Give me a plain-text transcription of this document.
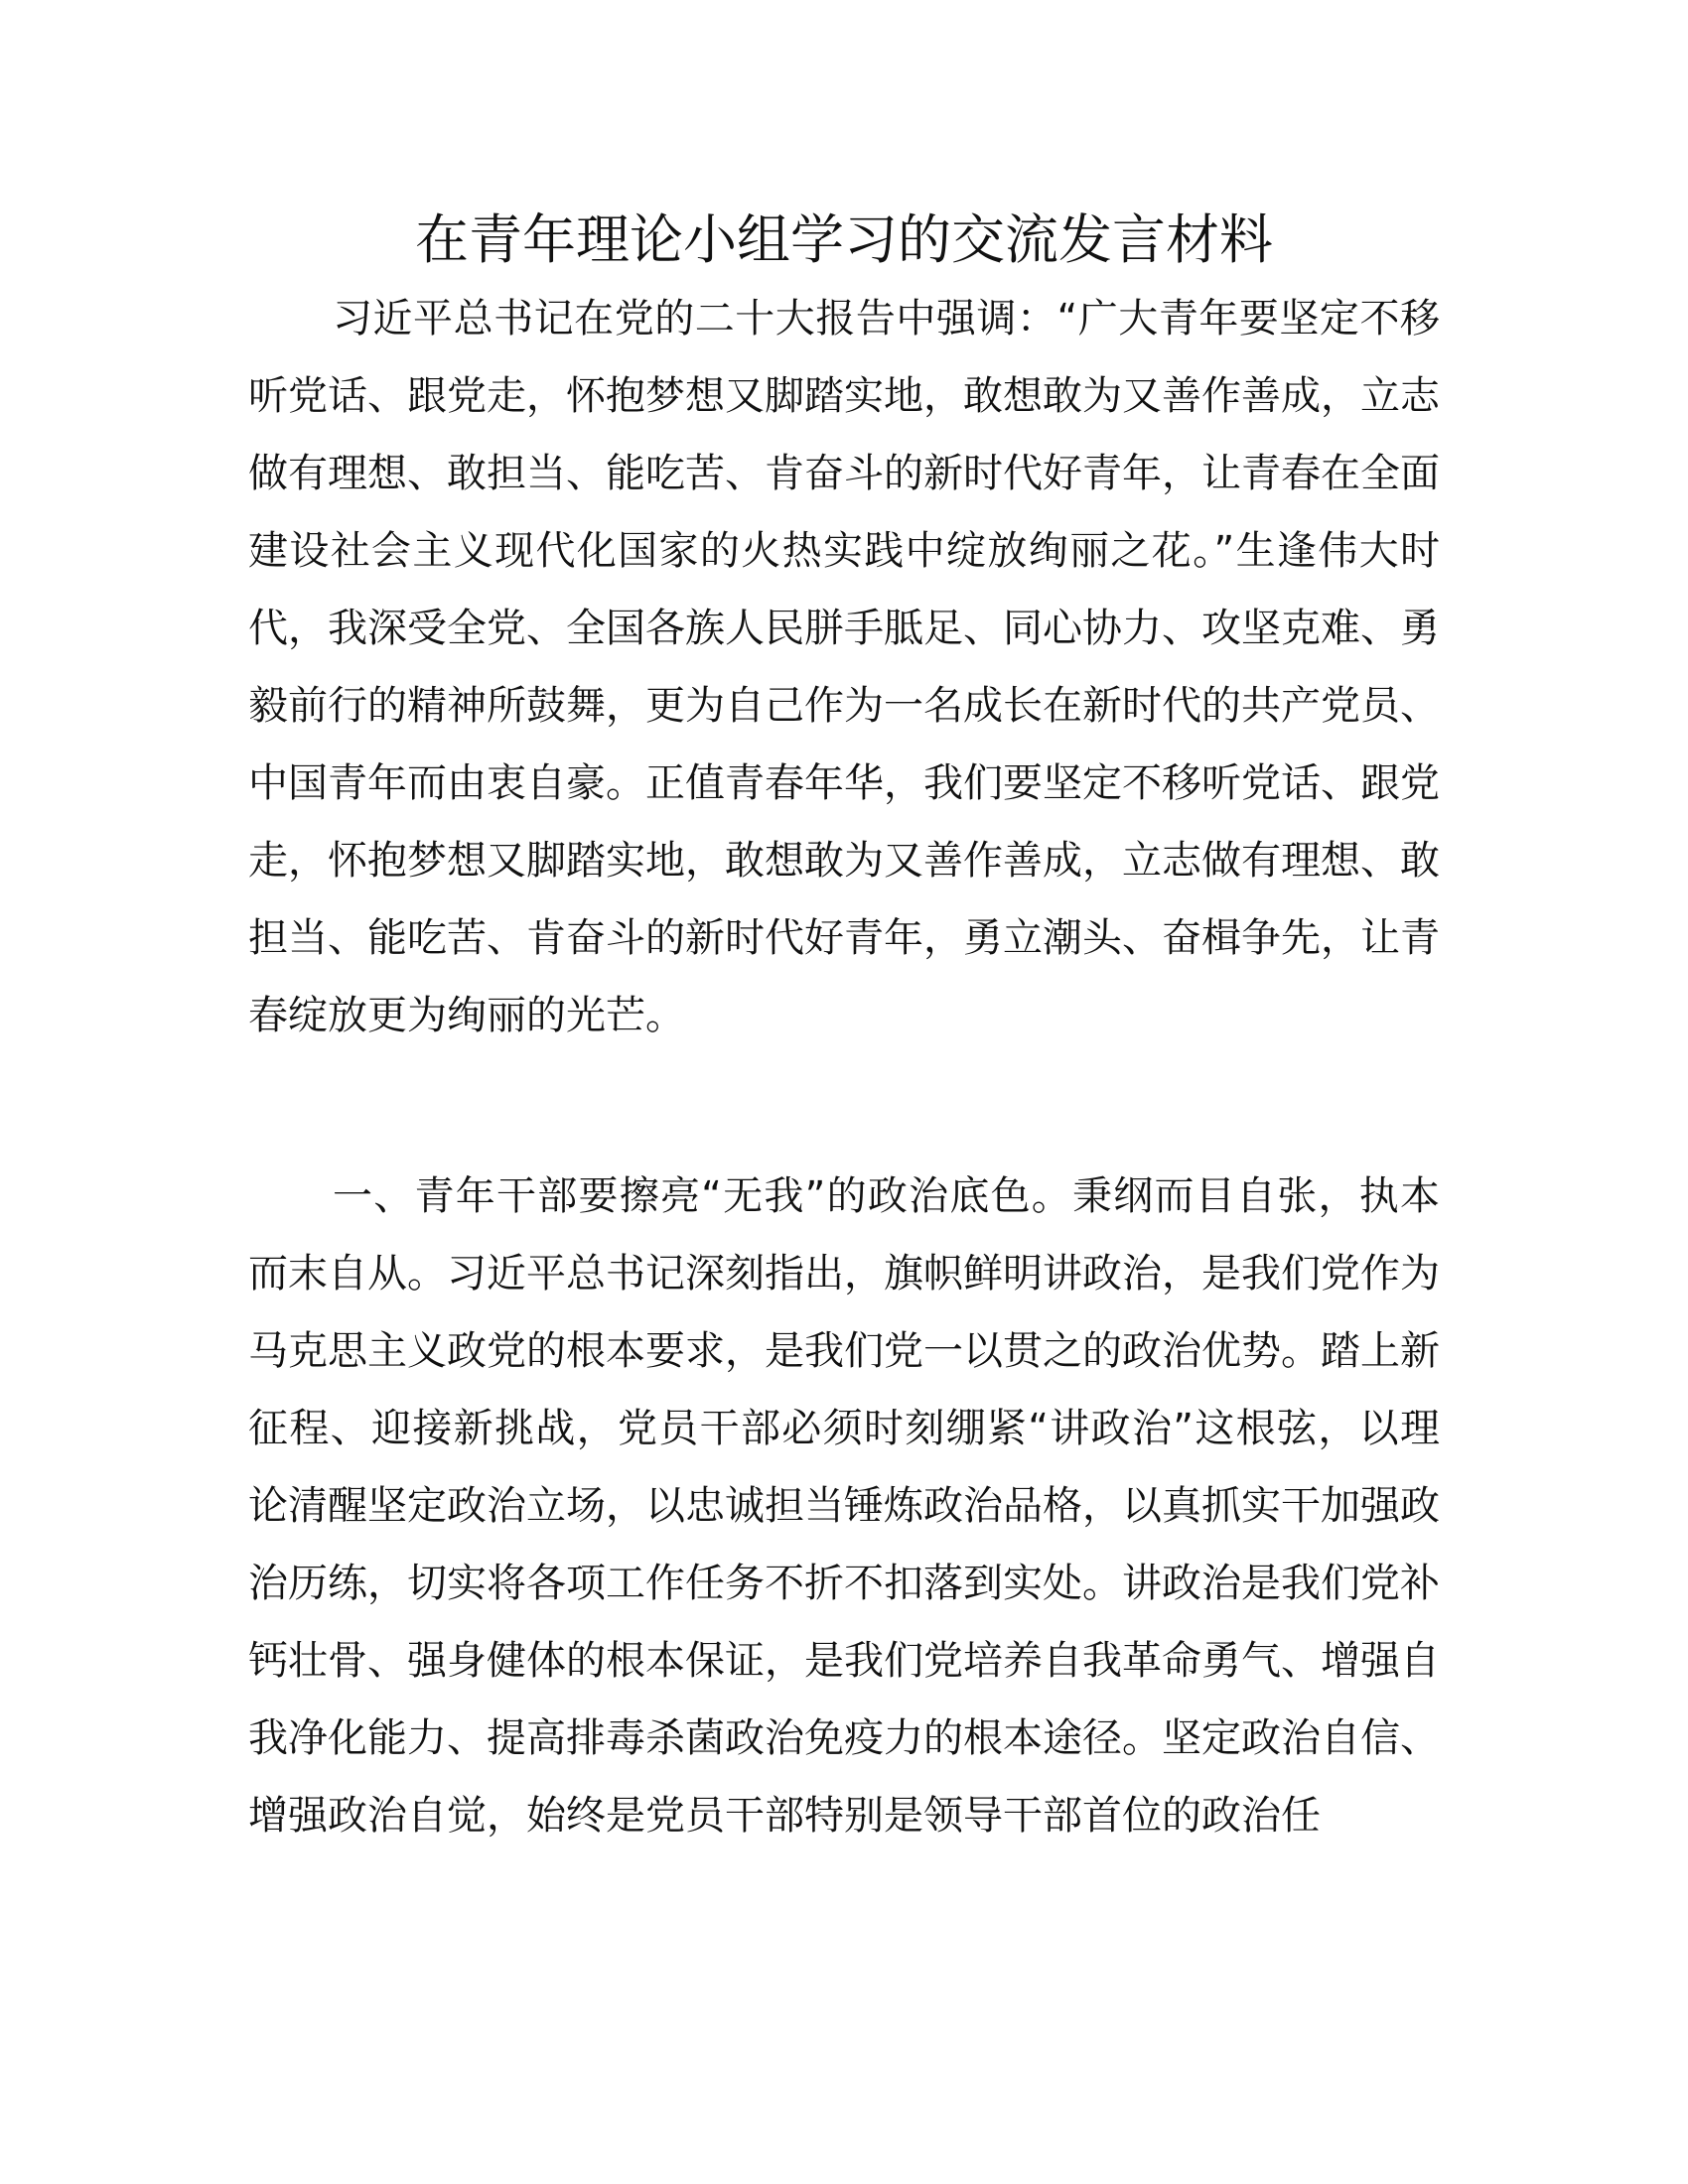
在青年理论小组学习的交流发言材料

习近平总书记在党的二十大报告中强调：“广大青年要坚定不移听党话、跟党走，怀抱梦想又脚踏实地，敢想敢为又善作善成，立志做有理想、敢担当、能吃苦、肯奋斗的新时代好青年，让青春在全面建设社会主义现代化国家的火热实践中绽放绚丽之花。”生逢伟大时代，我深受全党、全国各族人民胼手胝足、同心协力、攻坚克难、勇毅前行的精神所鼓舞，更为自己作为一名成长在新时代的共产党员、中国青年而由衷自豪。正值青春年华，我们要坚定不移听党话、跟党走，怀抱梦想又脚踏实地，敢想敢为又善作善成，立志做有理想、敢担当、能吃苦、肯奋斗的新时代好青年，勇立潮头、奋楫争先，让青春绽放更为绚丽的光芒。

一、青年干部要擦亮“无我”的政治底色。秉纲而目自张，执本而末自从。习近平总书记深刻指出，旗帜鲜明讲政治，是我们党作为马克思主义政党的根本要求，是我们党一以贯之的政治优势。踏上新征程、迎接新挑战，党员干部必须时刻绷紧“讲政治”这根弦，以理论清醒坚定政治立场，以忠诚担当锤炼政治品格，以真抓实干加强政治历练，切实将各项工作任务不折不扣落到实处。讲政治是我们党补钙壮骨、强身健体的根本保证，是我们党培养自我革命勇气、增强自我净化能力、提高排毒杀菌政治免疫力的根本途径。坚定政治自信、增强政治自觉，始终是党员干部特别是领导干部首位的政治任
